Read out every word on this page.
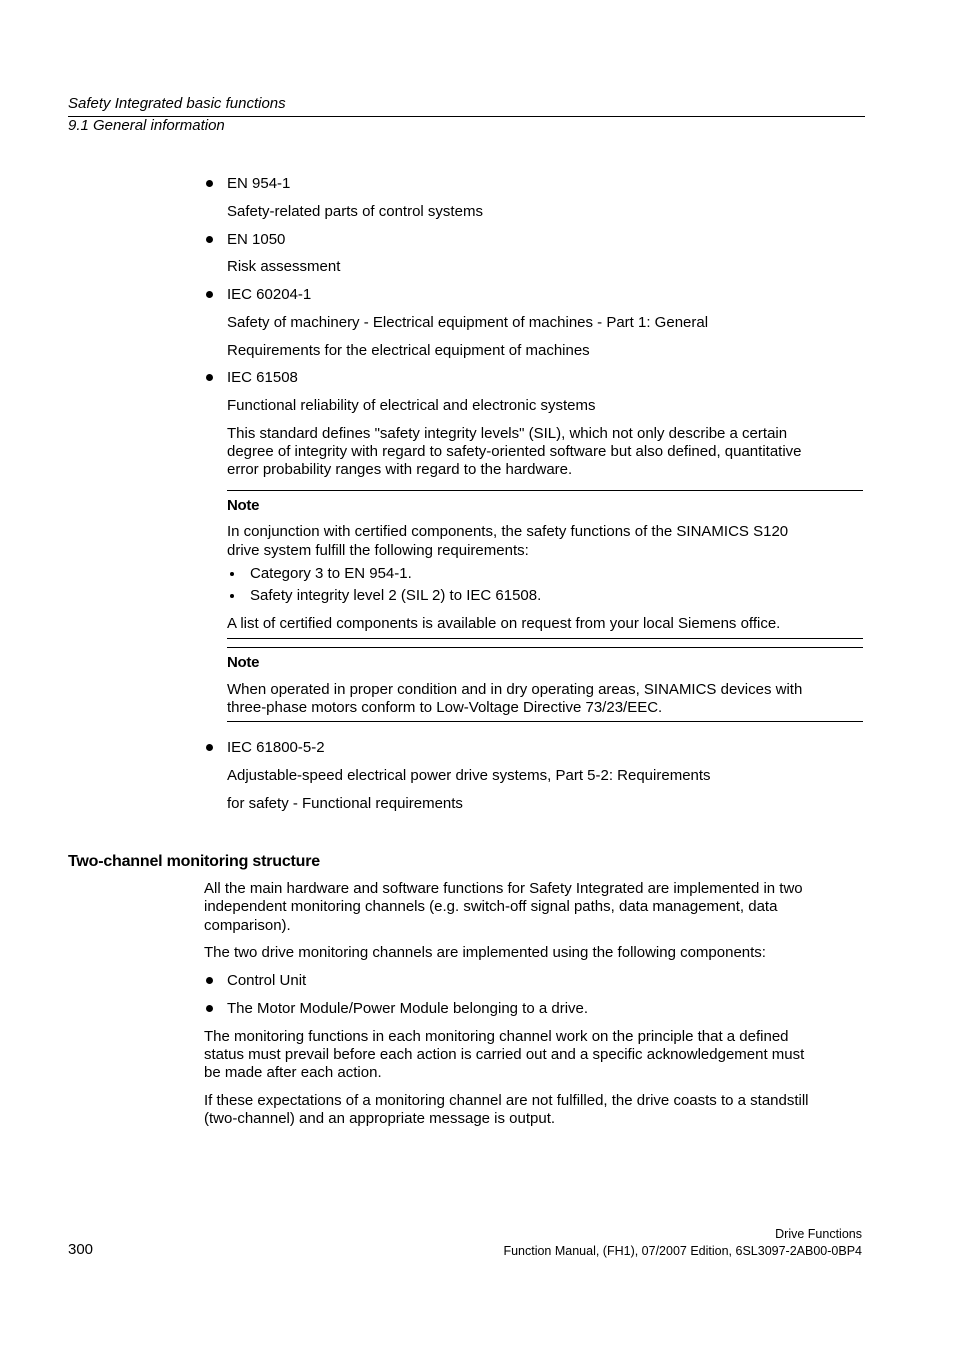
Safety Integrated basic functions
9.1 General information
EN 954-1
Safety-related parts of control systems
EN 1050
Risk assessment
IEC 60204-1
Safety of machinery - Electrical equipment of machines - Part 1: General
Requirements for the electrical equipment of machines
IEC 61508
Functional reliability of electrical and electronic systems
This standard defines "safety integrity levels" (SIL), which not only describe a certain
degree of integrity with regard to safety-oriented software but also defined, quantitative
error probability ranges with regard to the hardware.
Note
In conjunction with certified components, the safety functions of the SINAMICS S120
drive system fulfill the following requirements:
Category 3 to EN 954-1.
Safety integrity level 2 (SIL 2) to IEC 61508.
A list of certified components is available on request from your local Siemens office.
Note
When operated in proper condition and in dry operating areas, SINAMICS devices with
three-phase motors conform to Low-Voltage Directive 73/23/EEC.
IEC 61800-5-2
Adjustable-speed electrical power drive systems, Part 5-2: Requirements
for safety - Functional requirements
Two-channel monitoring structure
All the main hardware and software functions for Safety Integrated are implemented in two
independent monitoring channels (e.g. switch-off signal paths, data management, data
comparison).
The two drive monitoring channels are implemented using the following components:
Control Unit
The Motor Module/Power Module belonging to a drive.
The monitoring functions in each monitoring channel work on the principle that a defined
status must prevail before each action is carried out and a specific acknowledgement must
be made after each action.
If these expectations of a monitoring channel are not fulfilled, the drive coasts to a standstill
(two-channel) and an appropriate message is output.
Drive Functions
300	Function Manual, (FH1), 07/2007 Edition, 6SL3097-2AB00-0BP4
